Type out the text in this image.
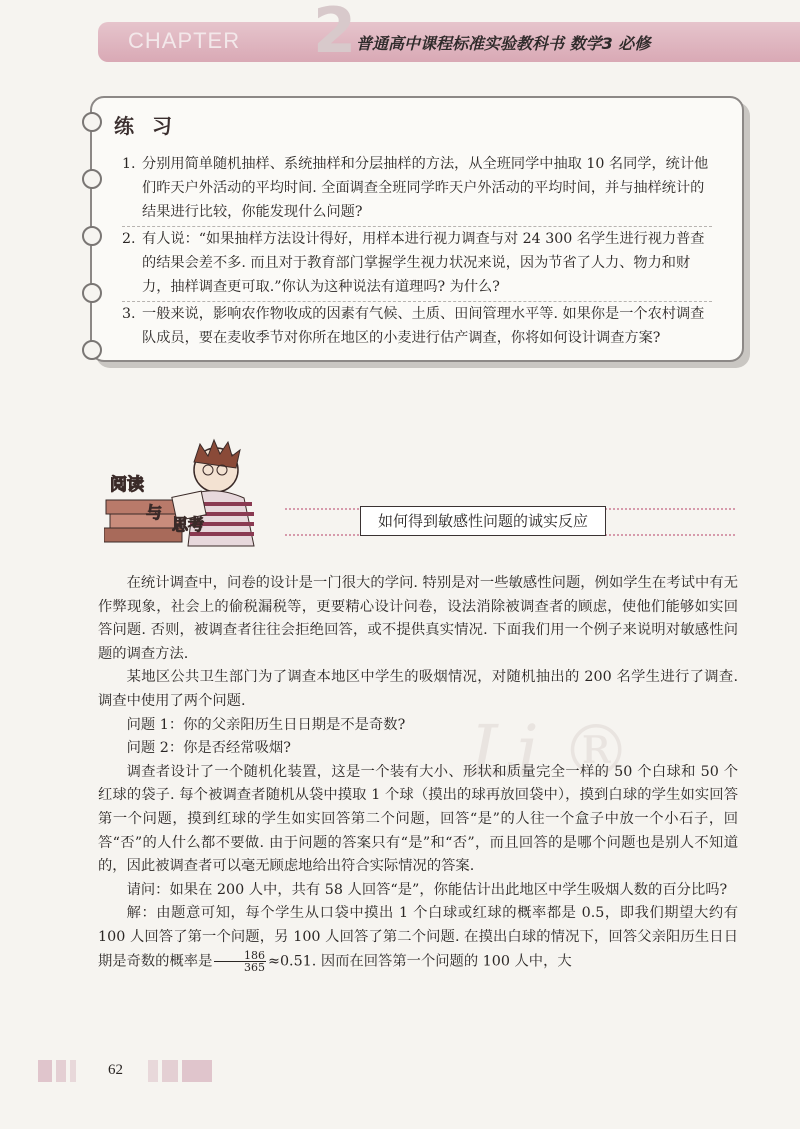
2
CHAPTER	普通高中课程标准实验教科书 数学3 必修
练习
1. 分别用简单随机抽样、系统抽样和分层抽样的方法，从全班同学中抽取 10 名同学，统计他们昨天户外活动的平均时间. 全面调查全班同学昨天户外活动的平均时间，并与抽样统计的结果进行比较，你能发现什么问题?
2. 有人说：“如果抽样方法设计得好，用样本进行视力调查与对 24 300 名学生进行视力普查的结果会差不多. 而且对于教育部门掌握学生视力状况来说，因为节省了人力、物力和财力，抽样调查更可取.”你认为这种说法有道理吗? 为什么?
3. 一般来说，影响农作物收成的因素有气候、土质、田间管理水平等. 如果你是一个农村调查队成员，要在麦收季节对你所在地区的小麦进行估产调查，你将如何设计调查方案?
阅读
与
思考	如何得到敏感性问题的诚实反应
Li ®

在统计调查中，问卷的设计是一门很大的学问. 特别是对一些敏感性问题，例如学生在考试中有无作弊现象，社会上的偷税漏税等，更要精心设计问卷，设法消除被调查者的顾虑，使他们能够如实回答问题. 否则，被调查者往往会拒绝回答，或不提供真实情况. 下面我们用一个例子来说明对敏感性问题的调查方法.

某地区公共卫生部门为了调查本地区中学生的吸烟情况，对随机抽出的 200 名学生进行了调查. 调查中使用了两个问题.

问题 1：你的父亲阳历生日日期是不是奇数?

问题 2：你是否经常吸烟?

调查者设计了一个随机化装置，这是一个装有大小、形状和质量完全一样的 50 个白球和 50 个红球的袋子. 每个被调查者随机从袋中摸取 1 个球（摸出的球再放回袋中），摸到白球的学生如实回答第一个问题，摸到红球的学生如实回答第二个问题，回答“是”的人往一个盒子中放一个小石子，回答“否”的人什么都不要做. 由于问题的答案只有“是”和“否”，而且回答的是哪个问题也是别人不知道的，因此被调查者可以毫无顾虑地给出符合实际情况的答案.

请问：如果在 200 人中，共有 58 人回答“是”，你能估计出此地区中学生吸烟人数的百分比吗?

解：由题意可知，每个学生从口袋中摸出 1 个白球或红球的概率都是 0.5，即我们期望大约有 100 人回答了第一个问题，另 100 人回答了第二个问题. 在摸出白球的情况下，回答父亲阳历生日日期是奇数的概率是 $\frac{186}{365} \approx 0.51$. 因而在回答第一个问题的 100 人中，大

62
